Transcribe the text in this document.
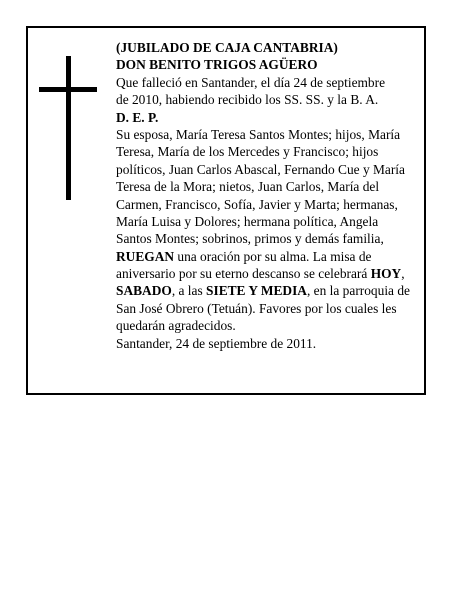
(JUBILADO DE CAJA CANTABRIA)
DON BENITO TRIGOS AGÜERO
Que falleció en Santander, el día 24 de septiembre
de 2010, habiendo recibido los SS. SS. y la B. A.
D. E. P.
Su esposa, María Teresa Santos Montes; hijos, María
Teresa, María de los Mercedes y Francisco; hijos
políticos, Juan Carlos Abascal, Fernando Cue y María
Teresa de la Mora; nietos, Juan Carlos, María del
Carmen, Francisco, Sofía, Javier y Marta; hermanas,
María Luisa y Dolores; hermana política, Angela
Santos Montes; sobrinos, primos y demás familia,
RUEGAN una oración por su alma. La misa de
aniversario por su eterno descanso se celebrará HOY,
SABADO, a las SIETE Y MEDIA, en la parroquia de
San José Obrero (Tetuán). Favores por los cuales les
quedarán agradecidos.
Santander, 24 de septiembre de 2011.
